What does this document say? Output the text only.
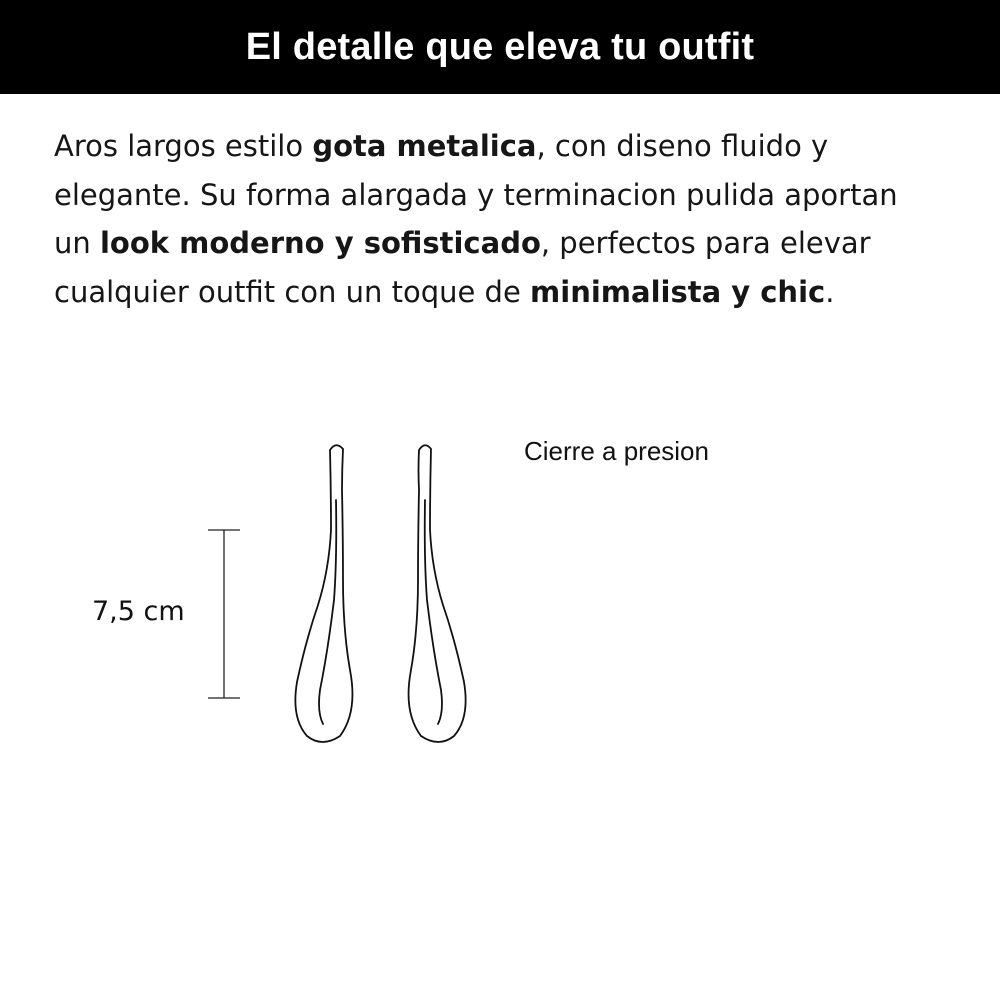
El detalle que eleva tu outfit

Aros largos estilo gota metalica, con diseno fluido y

elegante. Su forma alargada y terminacion pulida aportan

un look moderno y sofisticado, perfectos para elevar

cualquier outfit con un toque de minimalista y chic.

Cierre a presion
7,5 cm
